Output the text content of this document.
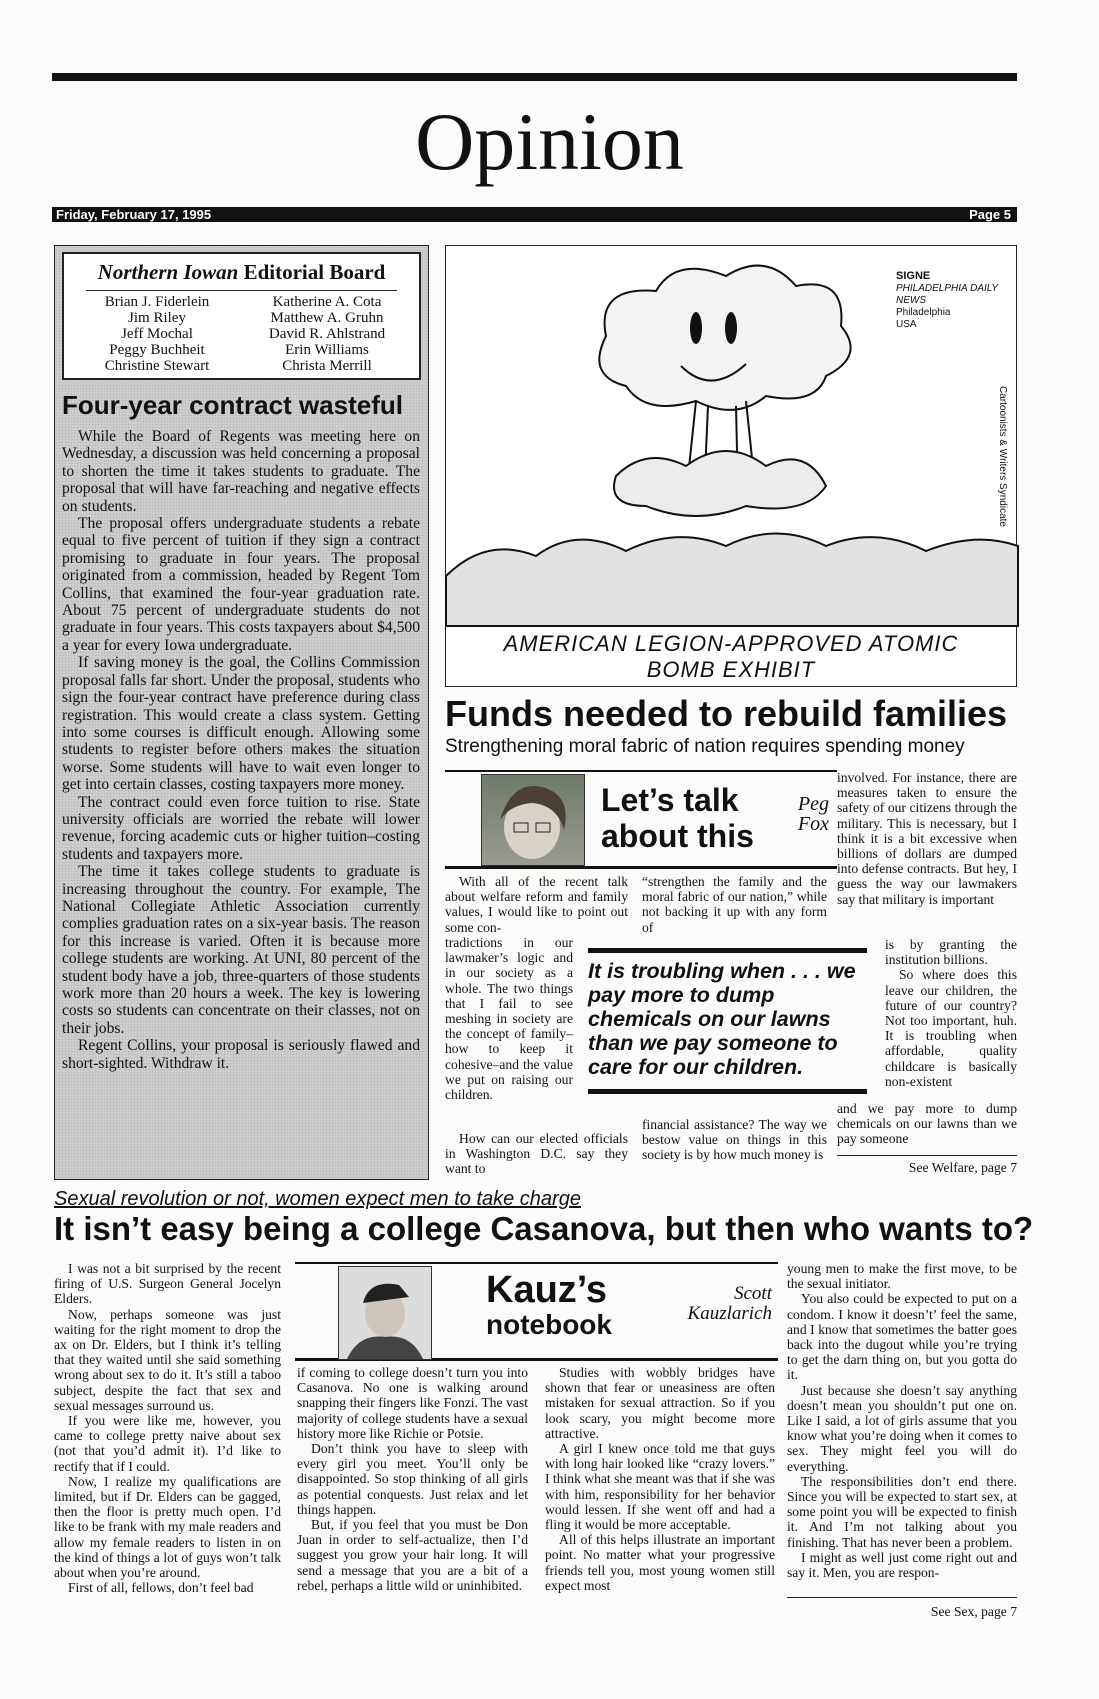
Opinion
Friday, February 17, 1995	Page 5
Northern Iowan Editorial Board
Brian J. Fiderlein
Jim Riley
Jeff Mochal
Peggy Buchheit
Christine Stewart
Katherine A. Cota
Matthew A. Gruhn
David R. Ahlstrand
Erin Williams
Christa Merrill
Four-year contract wasteful

While the Board of Regents was meeting here on Wednesday, a discussion was held concerning a proposal to shorten the time it takes students to graduate. The proposal that will have far-reaching and negative effects on students.

The proposal offers undergraduate students a rebate equal to five percent of tuition if they sign a contract promising to graduate in four years. The proposal originated from a commission, headed by Regent Tom Collins, that examined the four-year graduation rate. About 75 percent of undergraduate students do not graduate in four years. This costs taxpayers about $4,500 a year for every Iowa undergraduate.

If saving money is the goal, the Collins Commission proposal falls far short. Under the proposal, students who sign the four-year contract have preference during class registration. This would create a class system. Getting into some courses is difficult enough. Allowing some students to register before others makes the situation worse. Some students will have to wait even longer to get into certain classes, costing taxpayers more money.

The contract could even force tuition to rise. State university officials are worried the rebate will lower revenue, forcing academic cuts or higher tuition–costing students and taxpayers more.

The time it takes college students to graduate is increasing throughout the country. For example, The National Collegiate Athletic Association currently complies graduation rates on a six-year basis. The reason for this increase is varied. Often it is because more college students are working. At UNI, 80 percent of the student body have a job, three-quarters of those students work more than 20 hours a week. The key is lowering costs so students can concentrate on their classes, not on their jobs.

Regent Collins, your proposal is seriously flawed and short-sighted. Withdraw it.

SIGNE
PHILADELPHIA DAILY NEWS
Philadelphia
USA
Cartoonists & Writers Syndicate
AMERICAN LEGION-APPROVED ATOMIC BOMB EXHIBIT
Funds needed to rebuild families
Strengthening moral fabric of nation requires spending money
Let’s talk
about this
Peg
Fox

With all of the recent talk about welfare reform and family values, I would like to point out some con-

tradictions in our lawmaker’s logic and in our society as a whole. The two things that I fail to see meshing in society are the concept of family–how to keep it cohesive–and the value we put on raising our children.

How can our elected officials in Washington D.C. say they want to

“strengthen the family and the moral fabric of our nation,” while not backing it up with any form of

financial assistance? The way we bestow value on things in this society is by how much money is

It is troubling when . . . we pay more to dump chemicals on our lawns than we pay someone to care for our children.

involved. For instance, there are measures taken to ensure the safety of our citizens through the military. This is necessary, but I think it is a bit excessive when billions of dollars are dumped into defense contracts. But hey, I guess the way our lawmakers say that military is important

is by granting the institution billions.

So where does this leave our children, the future of our country? Not too important, huh. It is troubling when affordable, quality childcare is basically non-existent

and we pay more to dump chemicals on our lawns than we pay someone

See Welfare, page 7
Sexual revolution or not, women expect men to take charge
It isn’t easy being a college Casanova, but then who wants to?
Kauz’s
notebook
Scott
Kauzlarich

I was not a bit surprised by the recent firing of U.S. Surgeon General Jocelyn Elders.

Now, perhaps someone was just waiting for the right moment to drop the ax on Dr. Elders, but I think it’s telling that they waited until she said something wrong about sex to do it. It’s still a taboo subject, despite the fact that sex and sexual messages surround us.

If you were like me, however, you came to college pretty naive about sex (not that you’d admit it). I’d like to rectify that if I could.

Now, I realize my qualifications are limited, but if Dr. Elders can be gagged, then the floor is pretty much open. I’d like to be frank with my male readers and allow my female readers to listen in on the kind of things a lot of guys won’t talk about when you’re around.

First of all, fellows, don’t feel bad

if coming to college doesn’t turn you into Casanova. No one is walking around snapping their fingers like Fonzi. The vast majority of college students have a sexual history more like Richie or Potsie.

Don’t think you have to sleep with every girl you meet. You’ll only be disappointed. So stop thinking of all girls as potential conquests. Just relax and let things happen.

But, if you feel that you must be Don Juan in order to self-actualize, then I’d suggest you grow your hair long. It will send a message that you are a bit of a rebel, perhaps a little wild or uninhibited.

Studies with wobbly bridges have shown that fear or uneasiness are often mistaken for sexual attraction. So if you look scary, you might become more attractive.

A girl I knew once told me that guys with long hair looked like “crazy lovers.” I think what she meant was that if she was with him, responsibility for her behavior would lessen. If she went off and had a fling it would be more acceptable.

All of this helps illustrate an important point. No matter what your progressive friends tell you, most young women still expect most

young men to make the first move, to be the sexual initiator.

You also could be expected to put on a condom. I know it doesn’t’ feel the same, and I know that sometimes the batter goes back into the dugout while you’re trying to get the darn thing on, but you gotta do it.

Just because she doesn’t say anything doesn’t mean you shouldn’t put one on. Like I said, a lot of girls assume that you know what you’re doing when it comes to sex. They might feel you will do everything.

The responsibilities don’t end there. Since you will be expected to start sex, at some point you will be expected to finish it. And I’m not talking about you finishing. That has never been a problem.

I might as well just come right out and say it. Men, you are respon-

See Sex, page 7
